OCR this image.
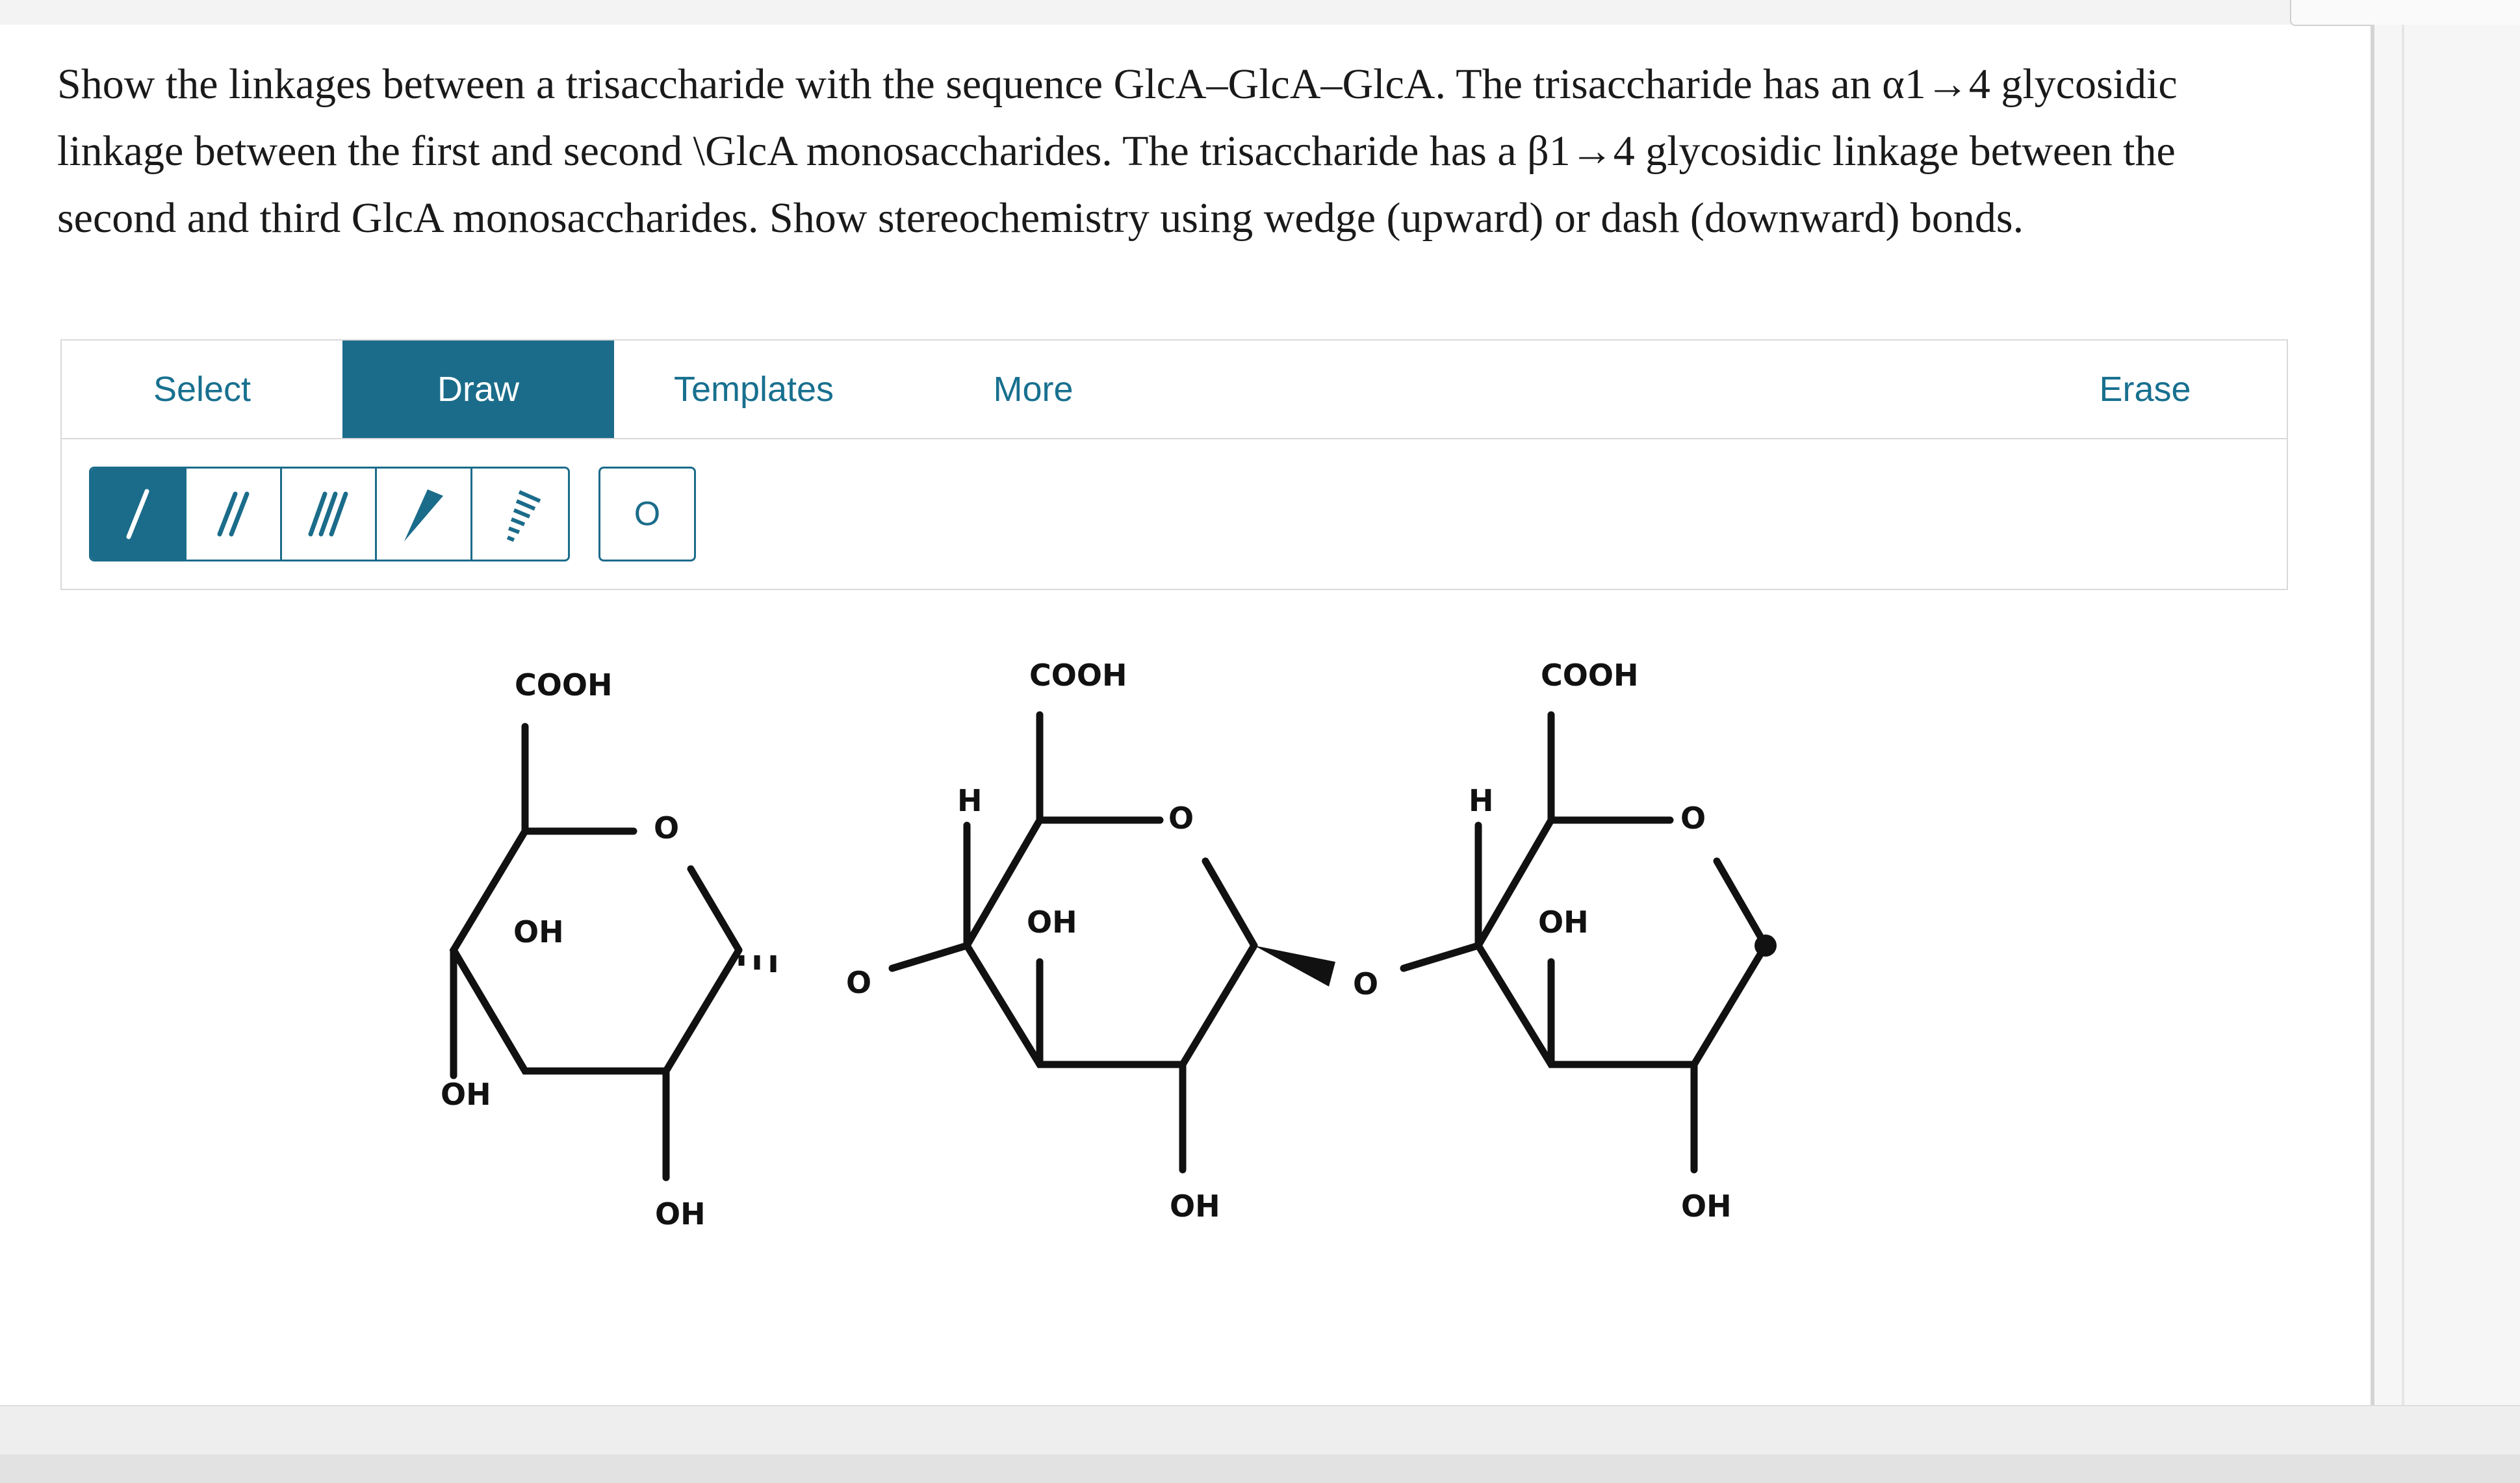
Show the linkages between a trisaccharide with the sequence GlcA–GlcA–GlcA. The trisaccharide has an α1→4 glycosidic linkage between the first and second \GlcA monosaccharides. The trisaccharide has a β1→4 glycosidic linkage between the second and third GlcA monosaccharides. Show stereochemistry using wedge (upward) or dash (downward) bonds.
Select	Draw	Templates	More	Erase
O
COOH
O
OH
OH
OH
O
COOH
H	O
OH
OH
O
COOH
H	O
OH
OH
